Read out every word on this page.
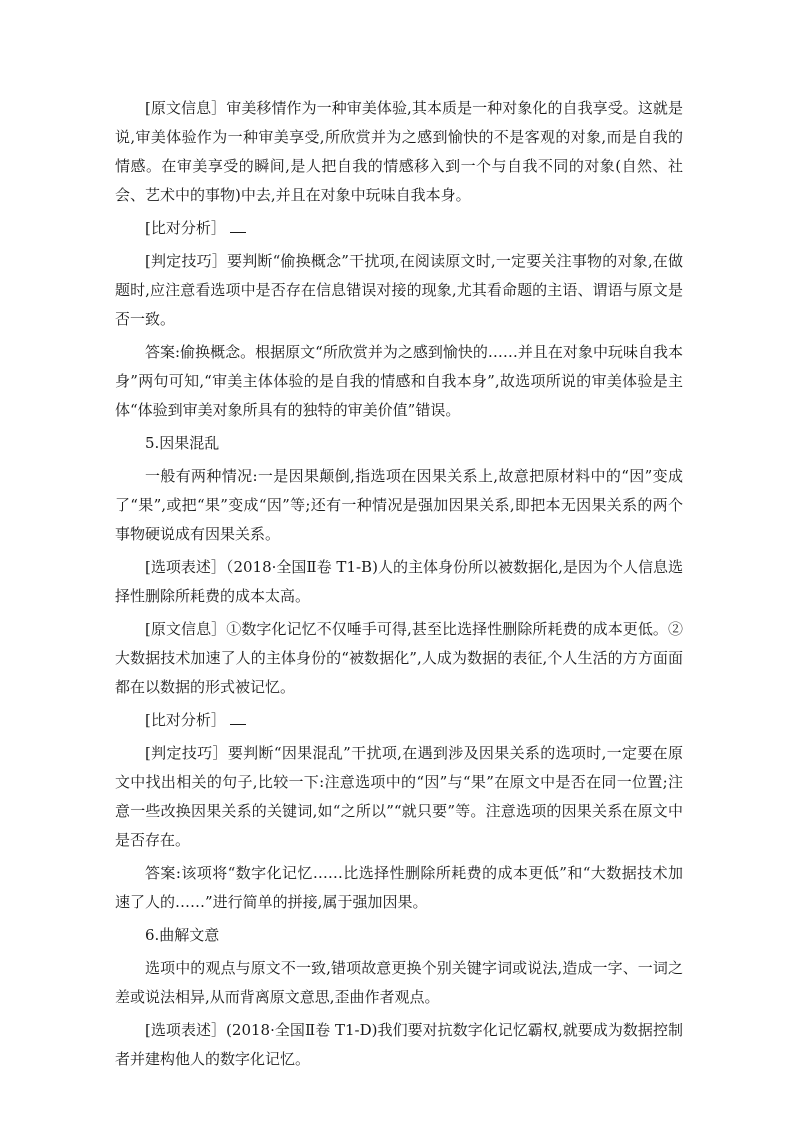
[原文信息］审美移情作为一种审美体验,其本质是一种对象化的自我享受。这就是说,审美体验作为一种审美享受,所欣赏并为之感到愉快的不是客观的对象,而是自我的情感。在审美享受的瞬间,是人把自我的情感移入到一个与自我不同的对象(自然、社会、艺术中的事物)中去,并且在对象中玩味自我本身。

[比对分析］

[判定技巧］要判断“偷换概念”干扰项,在阅读原文时,一定要关注事物的对象,在做题时,应注意看选项中是否存在信息错误对接的现象,尤其看命题的主语、谓语与原文是否一致。

答案:偷换概念。根据原文“所欣赏并为之感到愉快的……并且在对象中玩味自我本身”两句可知,“审美主体体验的是自我的情感和自我本身”,故选项所说的审美体验是主体“体验到审美对象所具有的独特的审美价值”错误。

5.因果混乱

一般有两种情况:一是因果颠倒,指选项在因果关系上,故意把原材料中的“因”变成了“果”,或把“果”变成“因”等;还有一种情况是强加因果关系,即把本无因果关系的两个事物硬说成有因果关系。

[选项表述］（2018·全国Ⅱ卷 T1-B)人的主体身份所以被数据化,是因为个人信息选择性删除所耗费的成本太高。

[原文信息］①数字化记忆不仅唾手可得,甚至比选择性删除所耗费的成本更低。②大数据技术加速了人的主体身份的“被数据化”,人成为数据的表征,个人生活的方方面面都在以数据的形式被记忆。

[比对分析］

[判定技巧］要判断“因果混乱”干扰项,在遇到涉及因果关系的选项时,一定要在原文中找出相关的句子,比较一下:注意选项中的“因”与“果”在原文中是否在同一位置;注意一些改换因果关系的关键词,如“之所以”“就只要”等。注意选项的因果关系在原文中是否存在。

答案:该项将“数字化记忆……比选择性删除所耗费的成本更低”和“大数据技术加速了人的……”进行简单的拼接,属于强加因果。

6.曲解文意

选项中的观点与原文不一致,错项故意更换个别关键字词或说法,造成一字、一词之差或说法相异,从而背离原文意思,歪曲作者观点。

[选项表述］(2018·全国Ⅱ卷 T1-D)我们要对抗数字化记忆霸权,就要成为数据控制者并建构他人的数字化记忆。
